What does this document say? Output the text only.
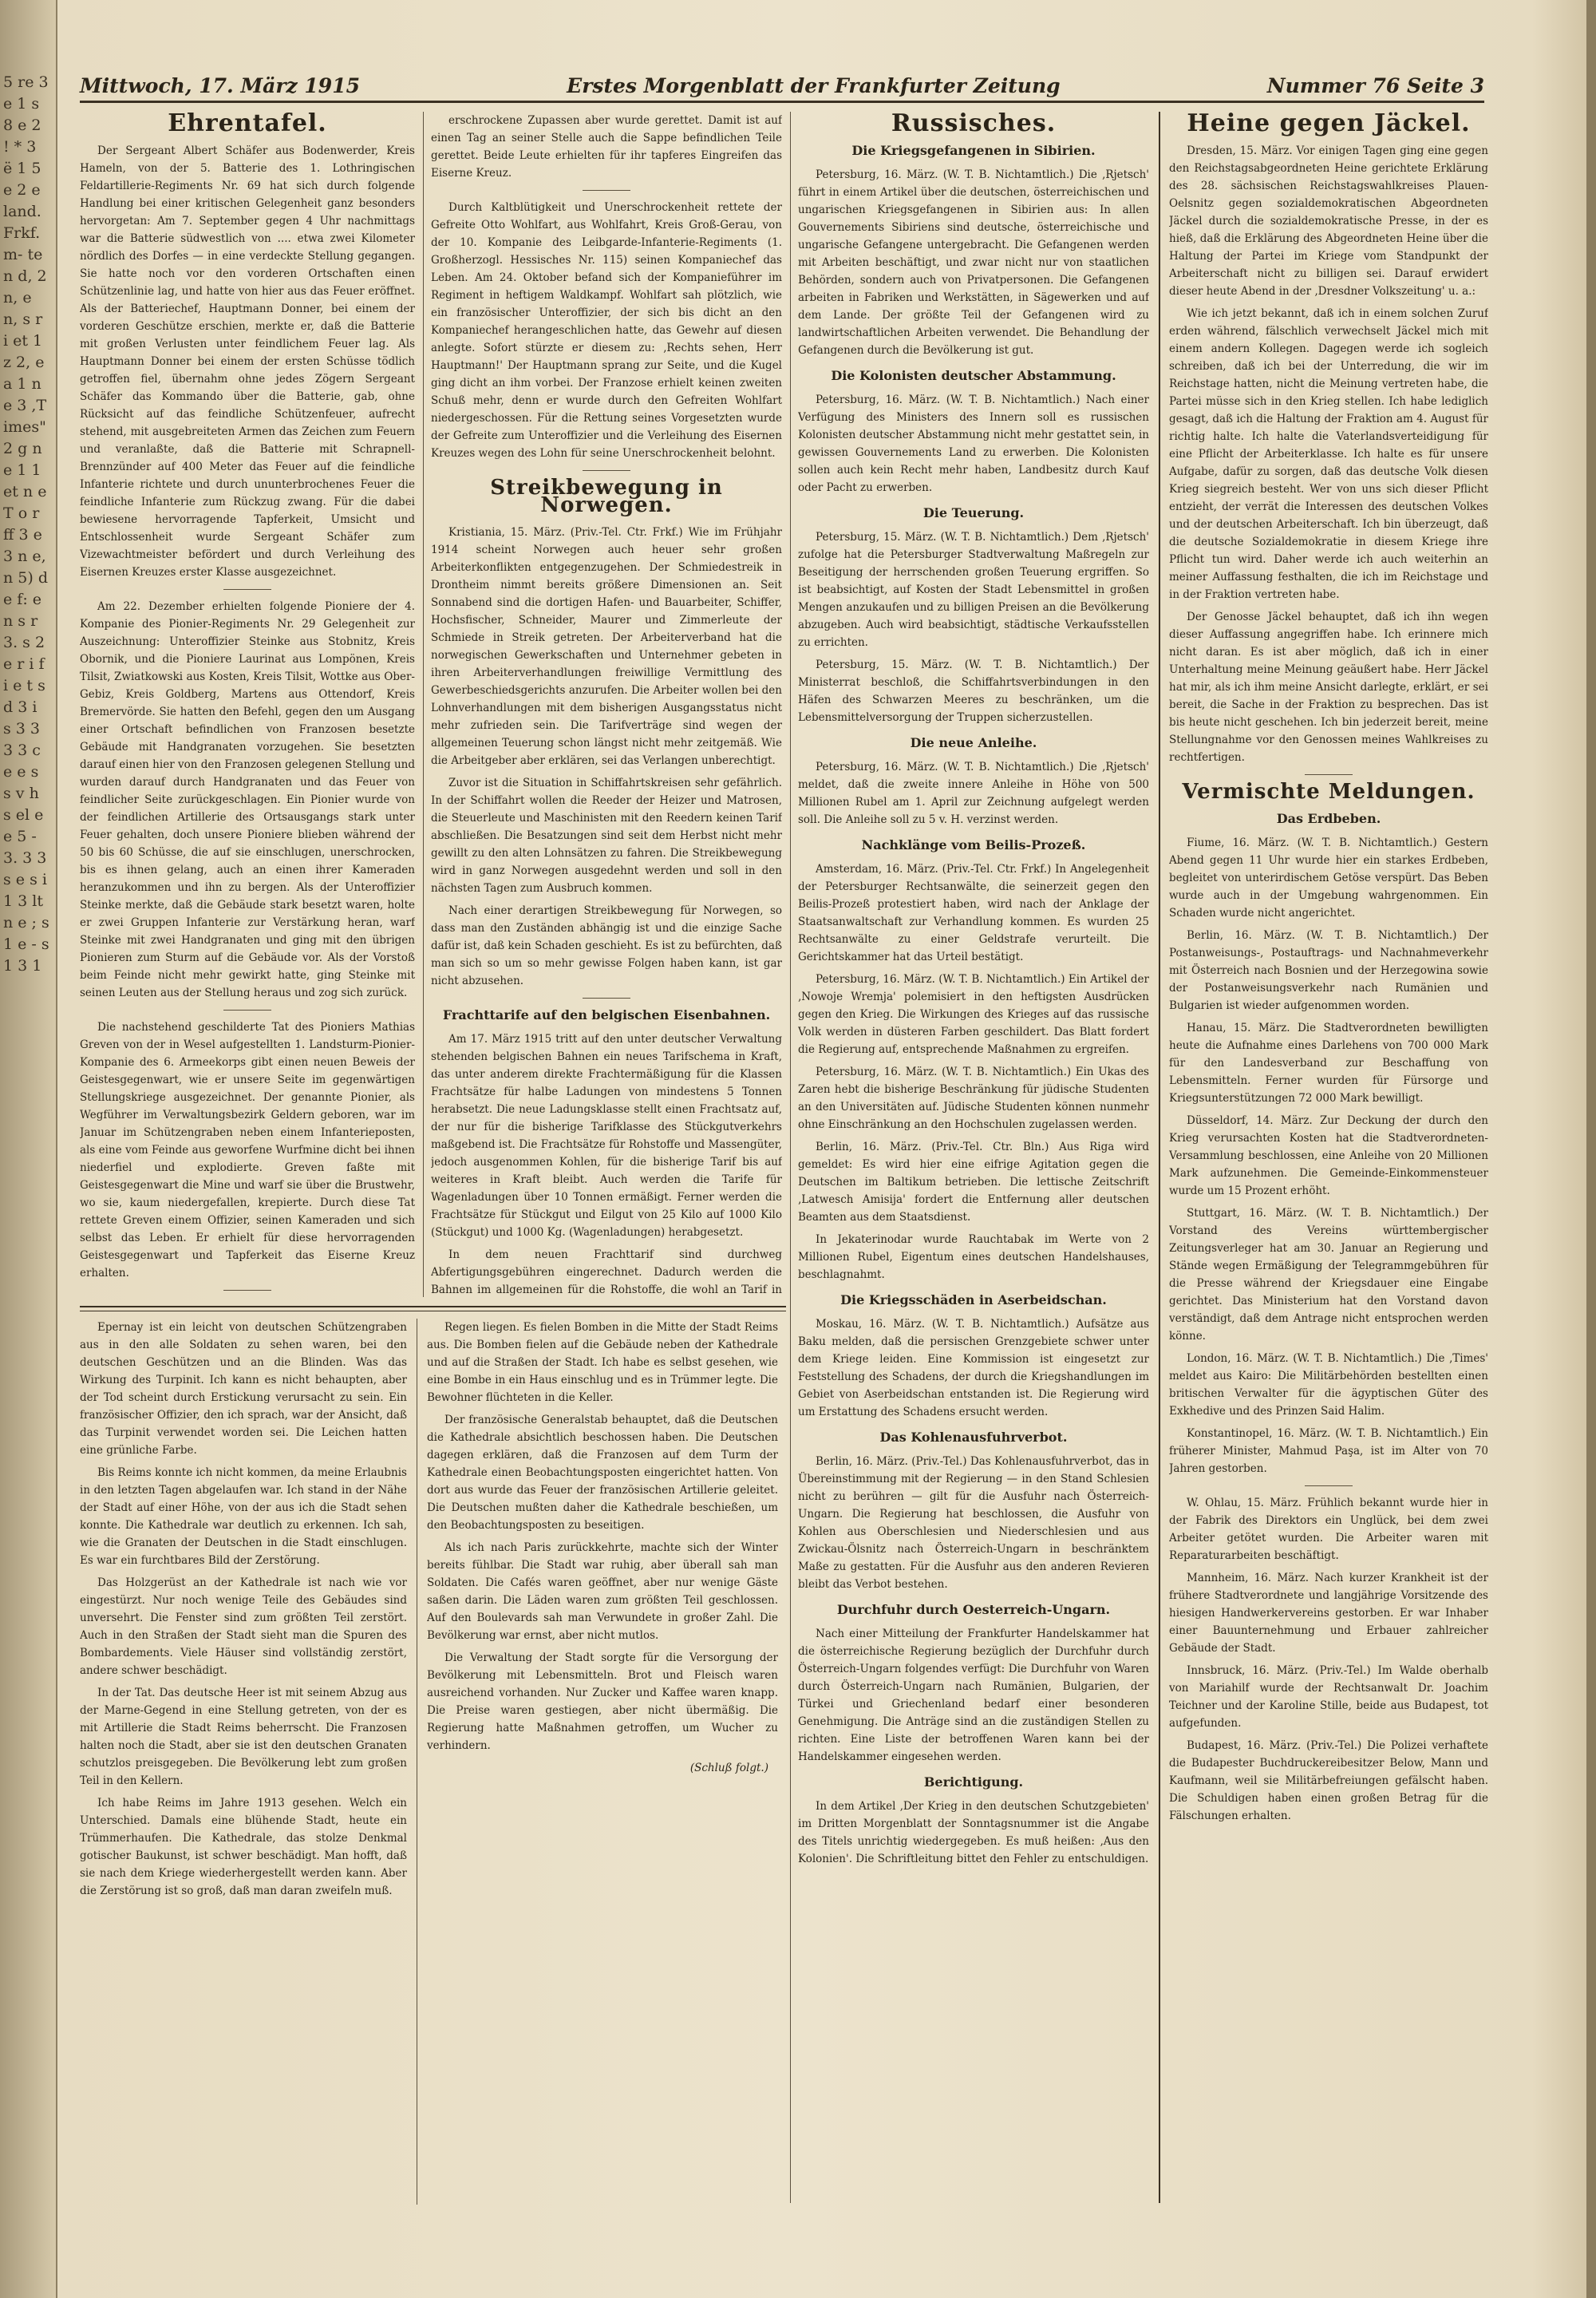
5 re 3 e 1 s 8 e 2 ! * 3 ë 1 5 e 2 e land. Frkf. m- ten d, 2 n, e n, s r i et 1 z 2, e a 1 n e 3 ,Times" 2 g n e 1 1 et n e T o r ff 3 e 3 n e, n 5) de f: e n s r 3. s 2 e r i f i e t s d 3 i s 3 3 3 3 c e e s s v h s el e e 5 - 3. 3 3 s e s i 1 3 lt n e ; s 1 e - s 1 3 1
Mittwoch, 17. März 1915	Erstes Morgenblatt der Frankfurter Zeitung	Nummer 76 Seite 3
Ehrentafel.

Der Sergeant Albert Schäfer aus Bodenwerder, Kreis Hameln, von der 5. Batterie des 1. Lothringischen Feldartillerie-Regiments Nr. 69 hat sich durch folgende Handlung bei einer kritischen Gelegenheit ganz besonders hervorgetan: Am 7. September gegen 4 Uhr nachmittags war die Batterie südwestlich von .... etwa zwei Kilometer nördlich des Dorfes — in eine verdeckte Stellung gegangen. Sie hatte noch vor den vorderen Ortschaften einen Schützenlinie lag, und hatte von hier aus das Feuer eröffnet. Als der Batteriechef, Hauptmann Donner, bei einem der vorderen Geschütze erschien, merkte er, daß die Batterie mit großen Verlusten unter feindlichem Feuer lag. Als Hauptmann Donner bei einem der ersten Schüsse tödlich getroffen fiel, übernahm ohne jedes Zögern Sergeant Schäfer das Kommando über die Batterie, gab, ohne Rücksicht auf das feindliche Schützenfeuer, aufrecht stehend, mit ausgebreiteten Armen das Zeichen zum Feuern und veranlaßte, daß die Batterie mit Schrapnell-Brennzünder auf 400 Meter das Feuer auf die feindliche Infanterie richtete und durch ununterbrochenes Feuer die feindliche Infanterie zum Rückzug zwang. Für die dabei bewiesene hervorragende Tapferkeit, Umsicht und Entschlossenheit wurde Sergeant Schäfer zum Vizewachtmeister befördert und durch Verleihung des Eisernen Kreuzes erster Klasse ausgezeichnet.

Am 22. Dezember erhielten folgende Pioniere der 4. Kompanie des Pionier-Regiments Nr. 29 Gelegenheit zur Auszeichnung: Unteroffizier Steinke aus Stobnitz, Kreis Obornik, und die Pioniere Laurinat aus Lompönen, Kreis Tilsit, Zwiatkowski aus Kosten, Kreis Tilsit, Wottke aus Ober-Gebiz, Kreis Goldberg, Martens aus Ottendorf, Kreis Bremervörde. Sie hatten den Befehl, gegen den um Ausgang einer Ortschaft befindlichen von Franzosen besetzte Gebäude mit Handgranaten vorzugehen. Sie besetzten darauf einen hier von den Franzosen gelegenen Stellung und wurden darauf durch Handgranaten und das Feuer von feindlicher Seite zurückgeschlagen. Ein Pionier wurde von der feindlichen Artillerie des Ortsausgangs stark unter Feuer gehalten, doch unsere Pioniere blieben während der 50 bis 60 Schüsse, die auf sie einschlugen, unerschrocken, bis es ihnen gelang, auch an einen ihrer Kameraden heranzukommen und ihn zu bergen. Als der Unteroffizier Steinke merkte, daß die Gebäude stark besetzt waren, holte er zwei Gruppen Infanterie zur Verstärkung heran, warf Steinke mit zwei Handgranaten und ging mit den übrigen Pionieren zum Sturm auf die Gebäude vor. Als der Vorstoß beim Feinde nicht mehr gewirkt hatte, ging Steinke mit seinen Leuten aus der Stellung heraus und zog sich zurück.

Die nachstehend geschilderte Tat des Pioniers Mathias Greven von der in Wesel aufgestellten 1. Landsturm-Pionier-Kompanie des 6. Armeekorps gibt einen neuen Beweis der Geistesgegenwart, wie er unsere Seite im gegenwärtigen Stellungskriege ausgezeichnet. Der genannte Pionier, als Wegführer im Verwaltungsbezirk Geldern geboren, war im Januar im Schützengraben neben einem Infanterieposten, als eine vom Feinde aus geworfene Wurfmine dicht bei ihnen niederfiel und explodierte. Greven faßte mit Geistesgegenwart die Mine und warf sie über die Brustwehr, wo sie, kaum niedergefallen, krepierte. Durch diese Tat rettete Greven einem Offizier, seinen Kameraden und sich selbst das Leben. Er erhielt für diese hervorragenden Geistesgegenwart und Tapferkeit das Eiserne Kreuz erhalten.

erschrockene Zupassen aber wurde gerettet. Damit ist auf einen Tag an seiner Stelle auch die Sappe befindlichen Teile gerettet. Beide Leute erhielten für ihr tapferes Eingreifen das Eiserne Kreuz.

Durch Kaltblütigkeit und Unerschrockenheit rettete der Gefreite Otto Wohlfart, aus Wohlfahrt, Kreis Groß-Gerau, von der 10. Kompanie des Leibgarde-Infanterie-Regiments (1. Großherzogl. Hessisches Nr. 115) seinen Kompaniechef das Leben. Am 24. Oktober befand sich der Kompanieführer im Regiment in heftigem Waldkampf. Wohlfart sah plötzlich, wie ein französischer Unteroffizier, der sich bis dicht an den Kompaniechef herangeschlichen hatte, das Gewehr auf diesen anlegte. Sofort stürzte er diesem zu: ‚Rechts sehen, Herr Hauptmann!' Der Hauptmann sprang zur Seite, und die Kugel ging dicht an ihm vorbei. Der Franzose erhielt keinen zweiten Schuß mehr, denn er wurde durch den Gefreiten Wohlfart niedergeschossen. Für die Rettung seines Vorgesetzten wurde der Gefreite zum Unteroffizier und die Verleihung des Eisernen Kreuzes wegen des Lohn für seine Unerschrockenheit belohnt.

Streikbewegung in Norwegen.

Kristiania, 15. März. (Priv.-Tel. Ctr. Frkf.) Wie im Frühjahr 1914 scheint Norwegen auch heuer sehr großen Arbeiterkonflikten entgegenzugehen. Der Schmiedestreik in Drontheim nimmt bereits größere Dimensionen an. Seit Sonnabend sind die dortigen Hafen- und Bauarbeiter, Schiffer, Hochsfischer, Schneider, Maurer und Zimmerleute der Schmiede in Streik getreten. Der Arbeiterverband hat die norwegischen Gewerkschaften und Unternehmer gebeten in ihren Arbeiterverhandlungen freiwillige Vermittlung des Gewerbeschiedsgerichts anzurufen. Die Arbeiter wollen bei den Lohnverhandlungen mit dem bisherigen Ausgangsstatus nicht mehr zufrieden sein. Die Tarifverträge sind wegen der allgemeinen Teuerung schon längst nicht mehr zeitgemäß. Wie die Arbeitgeber aber erklären, sei das Verlangen unberechtigt.

Zuvor ist die Situation in Schiffahrtskreisen sehr gefährlich. In der Schiffahrt wollen die Reeder der Heizer und Matrosen, die Steuerleute und Maschinisten mit den Reedern keinen Tarif abschließen. Die Besatzungen sind seit dem Herbst nicht mehr gewillt zu den alten Lohnsätzen zu fahren. Die Streikbewegung wird in ganz Norwegen ausgedehnt werden und soll in den nächsten Tagen zum Ausbruch kommen.

Nach einer derartigen Streikbewegung für Norwegen, so dass man den Zuständen abhängig ist und die einzige Sache dafür ist, daß kein Schaden geschieht. Es ist zu befürchten, daß man sich so um so mehr gewisse Folgen haben kann, ist gar nicht abzusehen.

Frachttarife auf den belgischen Eisenbahnen.

Am 17. März 1915 tritt auf den unter deutscher Verwaltung stehenden belgischen Bahnen ein neues Tarifschema in Kraft, das unter anderem direkte Frachtermäßigung für die Klassen Frachtsätze für halbe Ladungen von mindestens 5 Tonnen herabsetzt. Die neue Ladungsklasse stellt einen Frachtsatz auf, der nur für die bisherige Tarifklasse des Stückgutverkehrs maßgebend ist. Die Frachtsätze für Rohstoffe und Massengüter, jedoch ausgenommen Kohlen, für die bisherige Tarif bis auf weiteres in Kraft bleibt. Auch werden die Tarife für Wagenladungen über 10 Tonnen ermäßigt. Ferner werden die Frachtsätze für Stückgut und Eilgut von 25 Kilo auf 1000 Kilo (Stückgut) und 1000 Kg. (Wagenladungen) herabgesetzt.

In dem neuen Frachttarif sind durchweg Abfertigungsgebühren eingerechnet. Dadurch werden die Bahnen im allgemeinen für die Rohstoffe, die wohl an Tarif in

Russisches.
Die Kriegsgefangenen in Sibirien.

Petersburg, 16. März. (W. T. B. Nichtamtlich.) Die ‚Rjetsch' führt in einem Artikel über die deutschen, österreichischen und ungarischen Kriegsgefangenen in Sibirien aus: In allen Gouvernements Sibiriens sind deutsche, österreichische und ungarische Gefangene untergebracht. Die Gefangenen werden mit Arbeiten beschäftigt, und zwar nicht nur von staatlichen Behörden, sondern auch von Privatpersonen. Die Gefangenen arbeiten in Fabriken und Werkstätten, in Sägewerken und auf dem Lande. Der größte Teil der Gefangenen wird zu landwirtschaftlichen Arbeiten verwendet. Die Behandlung der Gefangenen durch die Bevölkerung ist gut.

Die Kolonisten deutscher Abstammung.

Petersburg, 16. März. (W. T. B. Nichtamtlich.) Nach einer Verfügung des Ministers des Innern soll es russischen Kolonisten deutscher Abstammung nicht mehr gestattet sein, in gewissen Gouvernements Land zu erwerben. Die Kolonisten sollen auch kein Recht mehr haben, Landbesitz durch Kauf oder Pacht zu erwerben.

Die Teuerung.

Petersburg, 15. März. (W. T. B. Nichtamtlich.) Dem ‚Rjetsch' zufolge hat die Petersburger Stadtverwaltung Maßregeln zur Beseitigung der herrschenden großen Teuerung ergriffen. So ist beabsichtigt, auf Kosten der Stadt Lebensmittel in großen Mengen anzukaufen und zu billigen Preisen an die Bevölkerung abzugeben. Auch wird beabsichtigt, städtische Verkaufsstellen zu errichten.

Petersburg, 15. März. (W. T. B. Nichtamtlich.) Der Ministerrat beschloß, die Schiffahrtsverbindungen in den Häfen des Schwarzen Meeres zu beschränken, um die Lebensmittelversorgung der Truppen sicherzustellen.

Die neue Anleihe.

Petersburg, 16. März. (W. T. B. Nichtamtlich.) Die ‚Rjetsch' meldet, daß die zweite innere Anleihe in Höhe von 500 Millionen Rubel am 1. April zur Zeichnung aufgelegt werden soll. Die Anleihe soll zu 5 v. H. verzinst werden.

Nachklänge vom Beilis-Prozeß.

Amsterdam, 16. März. (Priv.-Tel. Ctr. Frkf.) In Angelegenheit der Petersburger Rechtsanwälte, die seinerzeit gegen den Beilis-Prozeß protestiert haben, wird nach der Anklage der Staatsanwaltschaft zur Verhandlung kommen. Es wurden 25 Rechtsanwälte zu einer Geldstrafe verurteilt. Die Gerichtskammer hat das Urteil bestätigt.

Petersburg, 16. März. (W. T. B. Nichtamtlich.) Ein Artikel der ‚Nowoje Wremja' polemisiert in den heftigsten Ausdrücken gegen den Krieg. Die Wirkungen des Krieges auf das russische Volk werden in düsteren Farben geschildert. Das Blatt fordert die Regierung auf, entsprechende Maßnahmen zu ergreifen.

Petersburg, 16. März. (W. T. B. Nichtamtlich.) Ein Ukas des Zaren hebt die bisherige Beschränkung für jüdische Studenten an den Universitäten auf. Jüdische Studenten können nunmehr ohne Einschränkung an den Hochschulen zugelassen werden.

Berlin, 16. März. (Priv.-Tel. Ctr. Bln.) Aus Riga wird gemeldet: Es wird hier eine eifrige Agitation gegen die Deutschen im Baltikum betrieben. Die lettische Zeitschrift ‚Latwesch Amisija' fordert die Entfernung aller deutschen Beamten aus dem Staatsdienst.

In Jekaterinodar wurde Rauchtabak im Werte von 2 Millionen Rubel, Eigentum eines deutschen Handelshauses, beschlagnahmt.

Die Kriegsschäden in Aserbeidschan.

Moskau, 16. März. (W. T. B. Nichtamtlich.) Aufsätze aus Baku melden, daß die persischen Grenzgebiete schwer unter dem Kriege leiden. Eine Kommission ist eingesetzt zur Feststellung des Schadens, der durch die Kriegshandlungen im Gebiet von Aserbeidschan entstanden ist. Die Regierung wird um Erstattung des Schadens ersucht werden.

Das Kohlenausfuhrverbot.

Berlin, 16. März. (Priv.-Tel.) Das Kohlenausfuhrverbot, das in Übereinstimmung mit der Regierung — in den Stand Schlesien nicht zu berühren — gilt für die Ausfuhr nach Österreich-Ungarn. Die Regierung hat beschlossen, die Ausfuhr von Kohlen aus Oberschlesien und Niederschlesien und aus Zwickau-Ölsnitz nach Österreich-Ungarn in beschränktem Maße zu gestatten. Für die Ausfuhr aus den anderen Revieren bleibt das Verbot bestehen.

Durchfuhr durch Oesterreich-Ungarn.

Nach einer Mitteilung der Frankfurter Handelskammer hat die österreichische Regierung bezüglich der Durchfuhr durch Österreich-Ungarn folgendes verfügt: Die Durchfuhr von Waren durch Österreich-Ungarn nach Rumänien, Bulgarien, der Türkei und Griechenland bedarf einer besonderen Genehmigung. Die Anträge sind an die zuständigen Stellen zu richten. Eine Liste der betroffenen Waren kann bei der Handelskammer eingesehen werden.

Berichtigung.

In dem Artikel ‚Der Krieg in den deutschen Schutzgebieten' im Dritten Morgenblatt der Sonntagsnummer ist die Angabe des Titels unrichtig wiedergegeben. Es muß heißen: ‚Aus den Kolonien'. Die Schriftleitung bittet den Fehler zu entschuldigen.

Heine gegen Jäckel.

Dresden, 15. März. Vor einigen Tagen ging eine gegen den Reichstagsabgeordneten Heine gerichtete Erklärung des 28. sächsischen Reichstagswahlkreises Plauen-Oelsnitz gegen sozialdemokratischen Abgeordneten Jäckel durch die sozialdemokratische Presse, in der es hieß, daß die Erklärung des Abgeordneten Heine über die Haltung der Partei im Kriege vom Standpunkt der Arbeiterschaft nicht zu billigen sei. Darauf erwidert dieser heute Abend in der ‚Dresdner Volkszeitung' u. a.:

Wie ich jetzt bekannt, daß ich in einem solchen Zuruf erden während, fälschlich verwechselt Jäckel mich mit einem andern Kollegen. Dagegen werde ich sogleich schreiben, daß ich bei der Unterredung, die wir im Reichstage hatten, nicht die Meinung vertreten habe, die Partei müsse sich in den Krieg stellen. Ich habe lediglich gesagt, daß ich die Haltung der Fraktion am 4. August für richtig halte. Ich halte die Vaterlandsverteidigung für eine Pflicht der Arbeiterklasse. Ich halte es für unsere Aufgabe, dafür zu sorgen, daß das deutsche Volk diesen Krieg siegreich besteht. Wer von uns sich dieser Pflicht entzieht, der verrät die Interessen des deutschen Volkes und der deutschen Arbeiterschaft. Ich bin überzeugt, daß die deutsche Sozialdemokratie in diesem Kriege ihre Pflicht tun wird. Daher werde ich auch weiterhin an meiner Auffassung festhalten, die ich im Reichstage und in der Fraktion vertreten habe.

Der Genosse Jäckel behauptet, daß ich ihn wegen dieser Auffassung angegriffen habe. Ich erinnere mich nicht daran. Es ist aber möglich, daß ich in einer Unterhaltung meine Meinung geäußert habe. Herr Jäckel hat mir, als ich ihm meine Ansicht darlegte, erklärt, er sei bereit, die Sache in der Fraktion zu besprechen. Das ist bis heute nicht geschehen. Ich bin jederzeit bereit, meine Stellungnahme vor den Genossen meines Wahlkreises zu rechtfertigen.

Vermischte Meldungen.
Das Erdbeben.

Fiume, 16. März. (W. T. B. Nichtamtlich.) Gestern Abend gegen 11 Uhr wurde hier ein starkes Erdbeben, begleitet von unterirdischem Getöse verspürt. Das Beben wurde auch in der Umgebung wahrgenommen. Ein Schaden wurde nicht angerichtet.

Berlin, 16. März. (W. T. B. Nichtamtlich.) Der Postanweisungs-, Postauftrags- und Nachnahmeverkehr mit Österreich nach Bosnien und der Herzegowina sowie der Postanweisungsverkehr nach Rumänien und Bulgarien ist wieder aufgenommen worden.

Hanau, 15. März. Die Stadtverordneten bewilligten heute die Aufnahme eines Darlehens von 700 000 Mark für den Landesverband zur Beschaffung von Lebensmitteln. Ferner wurden für Fürsorge und Kriegsunterstützungen 72 000 Mark bewilligt.

Düsseldorf, 14. März. Zur Deckung der durch den Krieg verursachten Kosten hat die Stadtverordneten-Versammlung beschlossen, eine Anleihe von 20 Millionen Mark aufzunehmen. Die Gemeinde-Einkommensteuer wurde um 15 Prozent erhöht.

Stuttgart, 16. März. (W. T. B. Nichtamtlich.) Der Vorstand des Vereins württembergischer Zeitungsverleger hat am 30. Januar an Regierung und Stände wegen Ermäßigung der Telegrammgebühren für die Presse während der Kriegsdauer eine Eingabe gerichtet. Das Ministerium hat den Vorstand davon verständigt, daß dem Antrage nicht entsprochen werden könne.

London, 16. März. (W. T. B. Nichtamtlich.) Die ‚Times' meldet aus Kairo: Die Militärbehörden bestellten einen britischen Verwalter für die ägyptischen Güter des Exkhedive und des Prinzen Said Halim.

Konstantinopel, 16. März. (W. T. B. Nichtamtlich.) Ein früherer Minister, Mahmud Paşa, ist im Alter von 70 Jahren gestorben.

W. Ohlau, 15. März. Frühlich bekannt wurde hier in der Fabrik des Direktors ein Unglück, bei dem zwei Arbeiter getötet wurden. Die Arbeiter waren mit Reparaturarbeiten beschäftigt.

Mannheim, 16. März. Nach kurzer Krankheit ist der frühere Stadtverordnete und langjährige Vorsitzende des hiesigen Handwerkervereins gestorben. Er war Inhaber einer Bauunternehmung und Erbauer zahlreicher Gebäude der Stadt.

Innsbruck, 16. März. (Priv.-Tel.) Im Walde oberhalb von Mariahilf wurde der Rechtsanwalt Dr. Joachim Teichner und der Karoline Stille, beide aus Budapest, tot aufgefunden.

Budapest, 16. März. (Priv.-Tel.) Die Polizei verhaftete die Budapester Buchdruckereibesitzer Below, Mann und Kaufmann, weil sie Militärbefreiungen gefälscht haben. Die Schuldigen haben einen großen Betrag für die Fälschungen erhalten.

Epernay ist ein leicht von deutschen Schützengraben aus in den alle Soldaten zu sehen waren, bei den deutschen Geschützen und an die Blinden. Was das Wirkung des Turpinit. Ich kann es nicht behaupten, aber der Tod scheint durch Erstickung verursacht zu sein. Ein französischer Offizier, den ich sprach, war der Ansicht, daß das Turpinit verwendet worden sei. Die Leichen hatten eine grünliche Farbe.

Bis Reims konnte ich nicht kommen, da meine Erlaubnis in den letzten Tagen abgelaufen war. Ich stand in der Nähe der Stadt auf einer Höhe, von der aus ich die Stadt sehen konnte. Die Kathedrale war deutlich zu erkennen. Ich sah, wie die Granaten der Deutschen in die Stadt einschlugen. Es war ein furchtbares Bild der Zerstörung.

Das Holzgerüst an der Kathedrale ist nach wie vor eingestürzt. Nur noch wenige Teile des Gebäudes sind unversehrt. Die Fenster sind zum größten Teil zerstört. Auch in den Straßen der Stadt sieht man die Spuren des Bombardements. Viele Häuser sind vollständig zerstört, andere schwer beschädigt.

In der Tat. Das deutsche Heer ist mit seinem Abzug aus der Marne-Gegend in eine Stellung getreten, von der es mit Artillerie die Stadt Reims beherrscht. Die Franzosen halten noch die Stadt, aber sie ist den deutschen Granaten schutzlos preisgegeben. Die Bevölkerung lebt zum großen Teil in den Kellern.

Ich habe Reims im Jahre 1913 gesehen. Welch ein Unterschied. Damals eine blühende Stadt, heute ein Trümmerhaufen. Die Kathedrale, das stolze Denkmal gotischer Baukunst, ist schwer beschädigt. Man hofft, daß sie nach dem Kriege wiederhergestellt werden kann. Aber die Zerstörung ist so groß, daß man daran zweifeln muß.

Regen liegen. Es fielen Bomben in die Mitte der Stadt Reims aus. Die Bomben fielen auf die Gebäude neben der Kathedrale und auf die Straßen der Stadt. Ich habe es selbst gesehen, wie eine Bombe in ein Haus einschlug und es in Trümmer legte. Die Bewohner flüchteten in die Keller.

Der französische Generalstab behauptet, daß die Deutschen die Kathedrale absichtlich beschossen haben. Die Deutschen dagegen erklären, daß die Franzosen auf dem Turm der Kathedrale einen Beobachtungsposten eingerichtet hatten. Von dort aus wurde das Feuer der französischen Artillerie geleitet. Die Deutschen mußten daher die Kathedrale beschießen, um den Beobachtungsposten zu beseitigen.

Als ich nach Paris zurückkehrte, machte sich der Winter bereits fühlbar. Die Stadt war ruhig, aber überall sah man Soldaten. Die Cafés waren geöffnet, aber nur wenige Gäste saßen darin. Die Läden waren zum größten Teil geschlossen. Auf den Boulevards sah man Verwundete in großer Zahl. Die Bevölkerung war ernst, aber nicht mutlos.

Die Verwaltung der Stadt sorgte für die Versorgung der Bevölkerung mit Lebensmitteln. Brot und Fleisch waren ausreichend vorhanden. Nur Zucker und Kaffee waren knapp. Die Preise waren gestiegen, aber nicht übermäßig. Die Regierung hatte Maßnahmen getroffen, um Wucher zu verhindern.

(Schluß folgt.)
